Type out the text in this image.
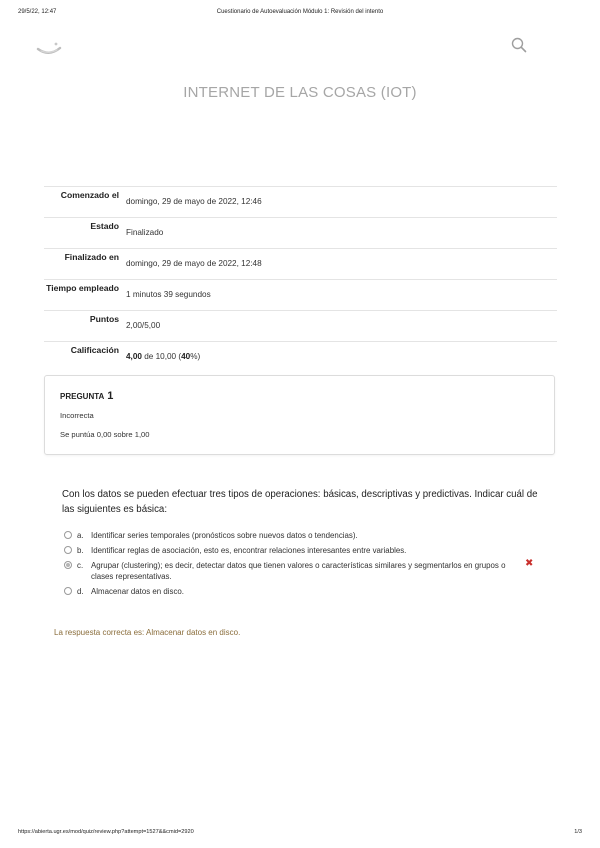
29/5/22, 12:47	Cuestionario de Autoevaluación Módulo 1: Revisión del intento
INTERNET DE LAS COSAS (IOT)
Comenzado el
domingo, 29 de mayo de 2022, 12:46
Estado
Finalizado
Finalizado en
domingo, 29 de mayo de 2022, 12:48
Tiempo empleado
1 minutos 39 segundos
Puntos
2,00/5,00
Calificación
4,00 de 10,00 (40%)
PREGUNTA 1
Incorrecta
Se puntúa 0,00 sobre 1,00
Con los datos se pueden efectuar tres tipos de operaciones: básicas, descriptivas y predictivas. Indicar cuál de las siguientes es básica:
a. Identificar series temporales (pronósticos sobre nuevos datos o tendencias).
b. Identificar reglas de asociación, esto es, encontrar relaciones interesantes entre variables.
c. Agrupar (clustering); es decir, detectar datos que tienen valores o características similares y segmentarlos en grupos o clases representativas.
✖
d. Almacenar datos en disco.
La respuesta correcta es: Almacenar datos en disco.
https://abierta.ugr.es/mod/quiz/review.php?attempt=1527&&cmid=2920	1/3
